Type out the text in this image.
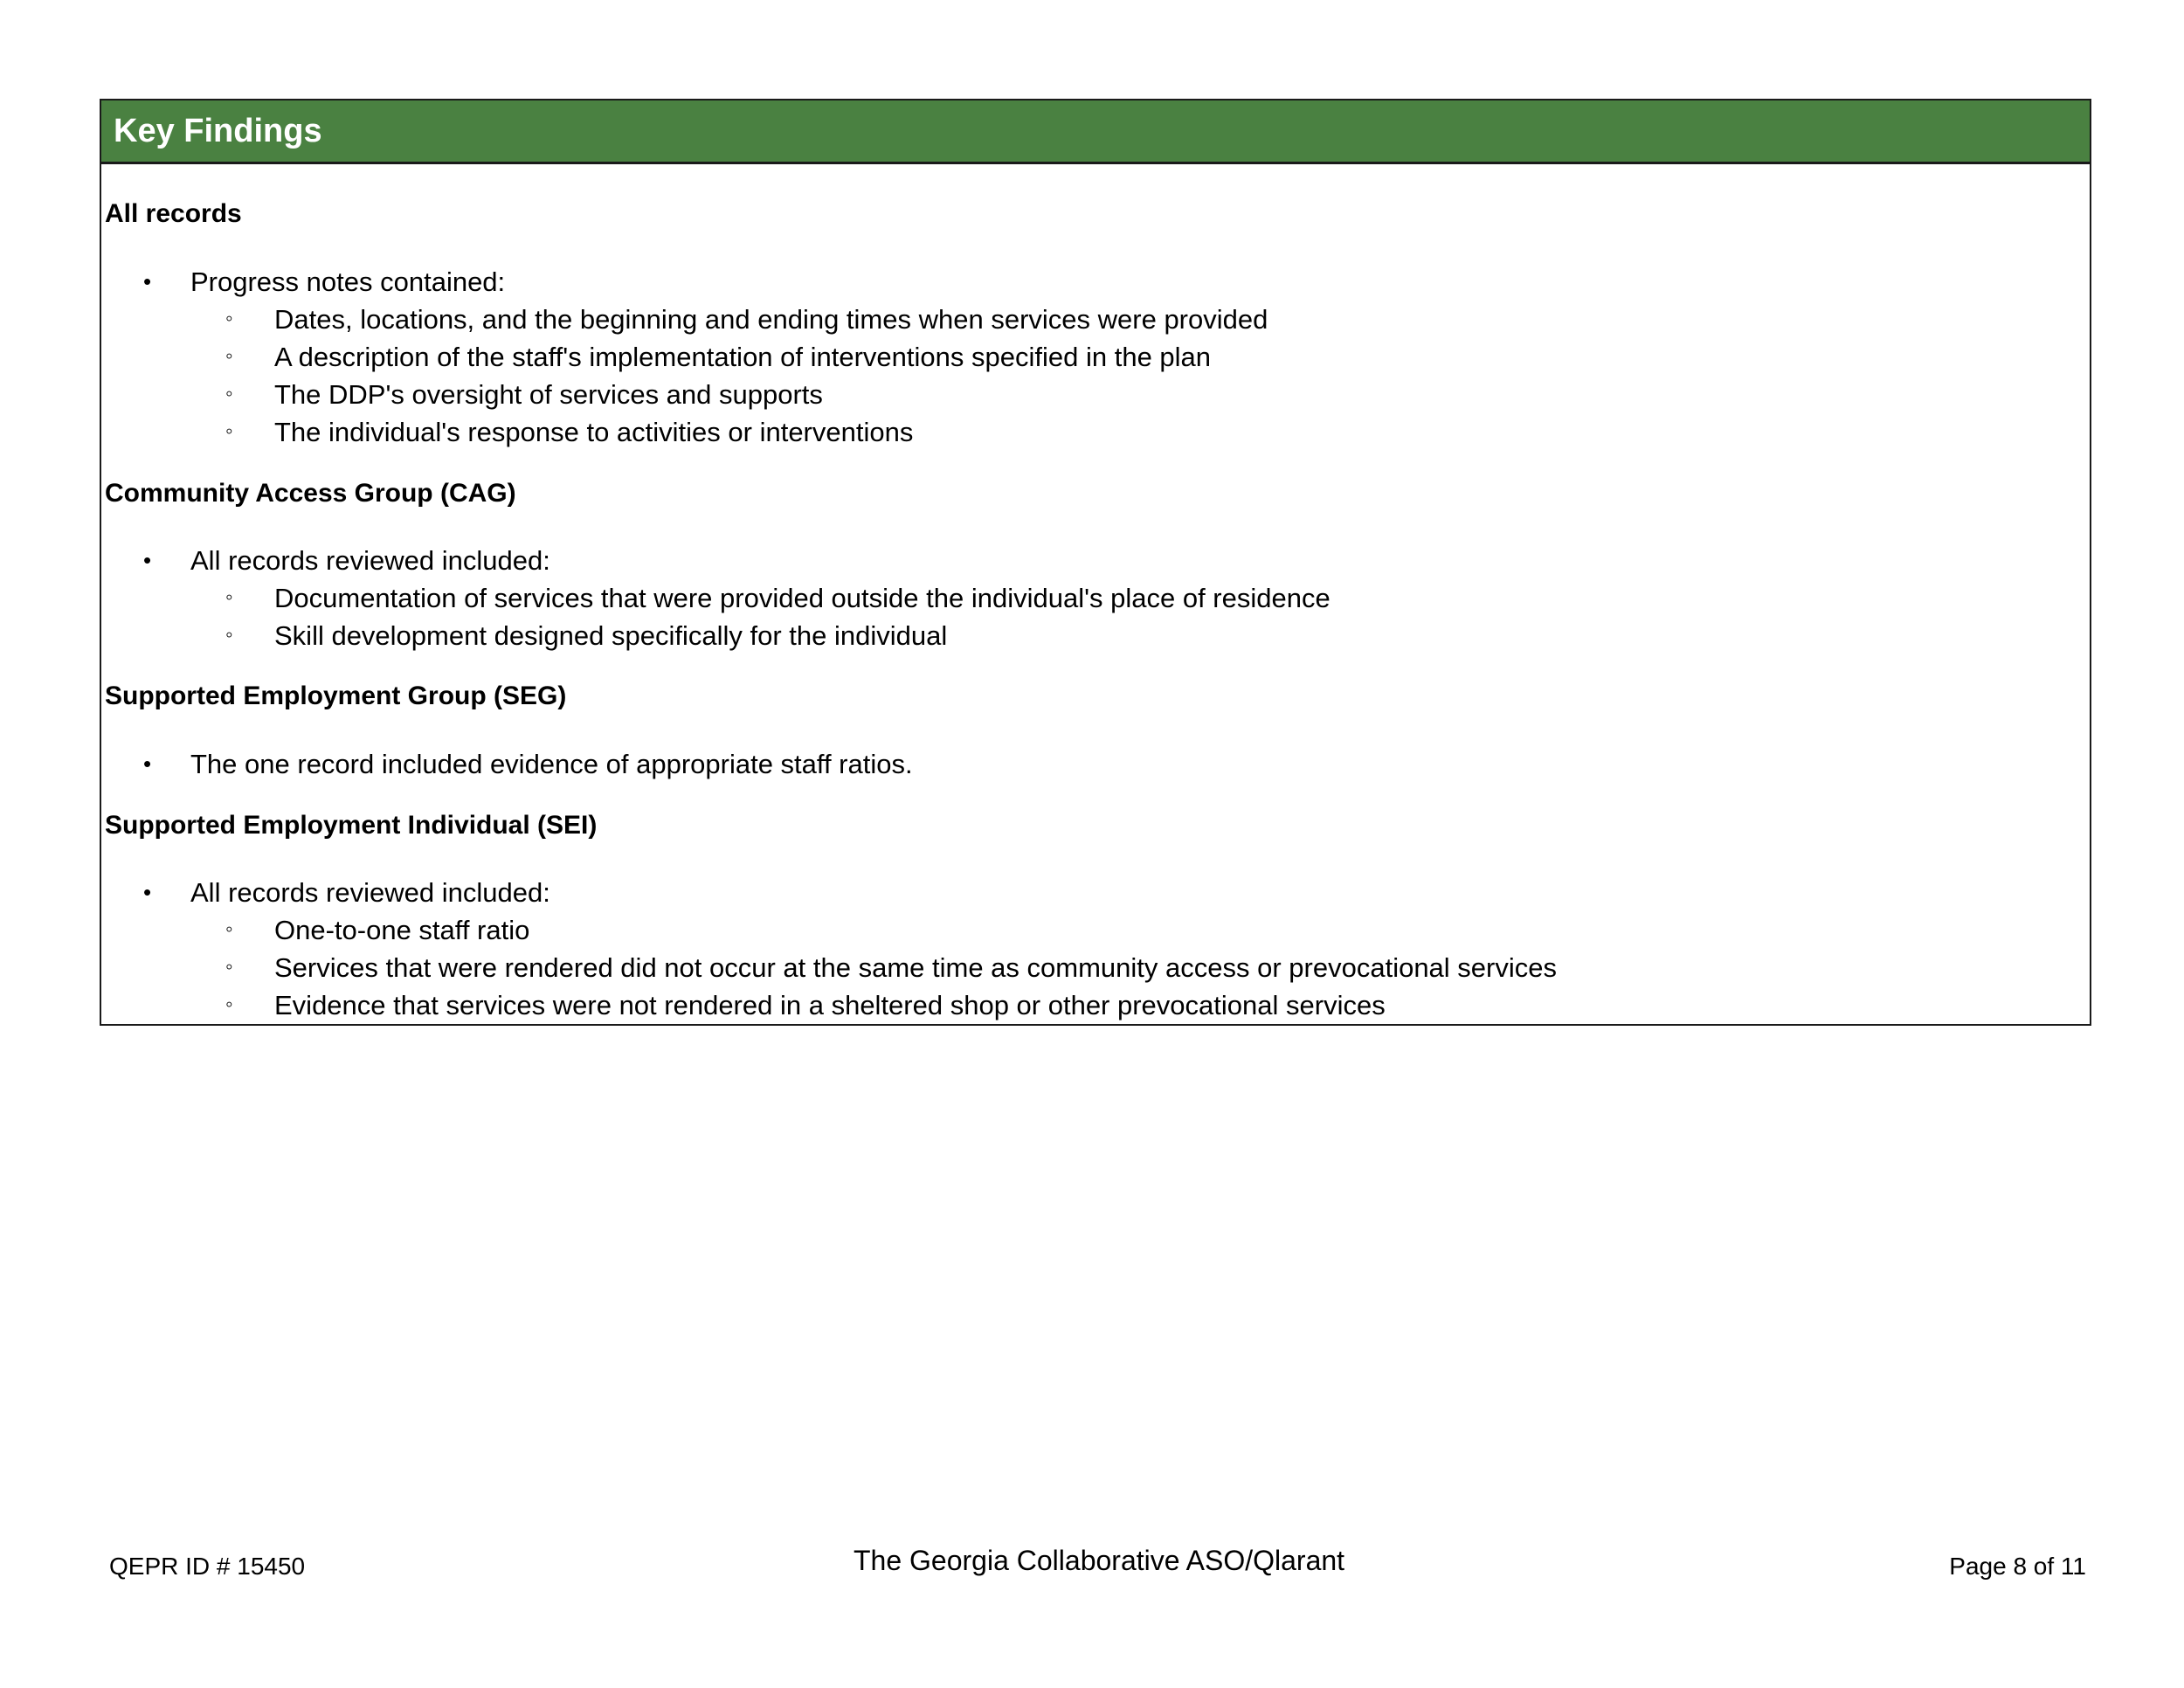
Key Findings
All records
• Progress notes contained:
◦ Dates, locations, and the beginning and ending times when services were provided
◦ A description of the staff's implementation of interventions specified in the plan
◦ The DDP's oversight of services and supports
◦ The individual's response to activities or interventions
Community Access Group (CAG)
• All records reviewed included:
◦ Documentation of services that were provided outside the individual's place of residence
◦ Skill development designed specifically for the individual
Supported Employment Group (SEG)
• The one record included evidence of appropriate staff ratios.
Supported Employment Individual (SEI)
• All records reviewed included:
◦ One-to-one staff ratio
◦ Services that were rendered did not occur at the same time as community access or prevocational services
◦ Evidence that services were not rendered in a sheltered shop or other prevocational services
QEPR ID # 15450	The Georgia Collaborative ASO/Qlarant	Page 8 of 11
